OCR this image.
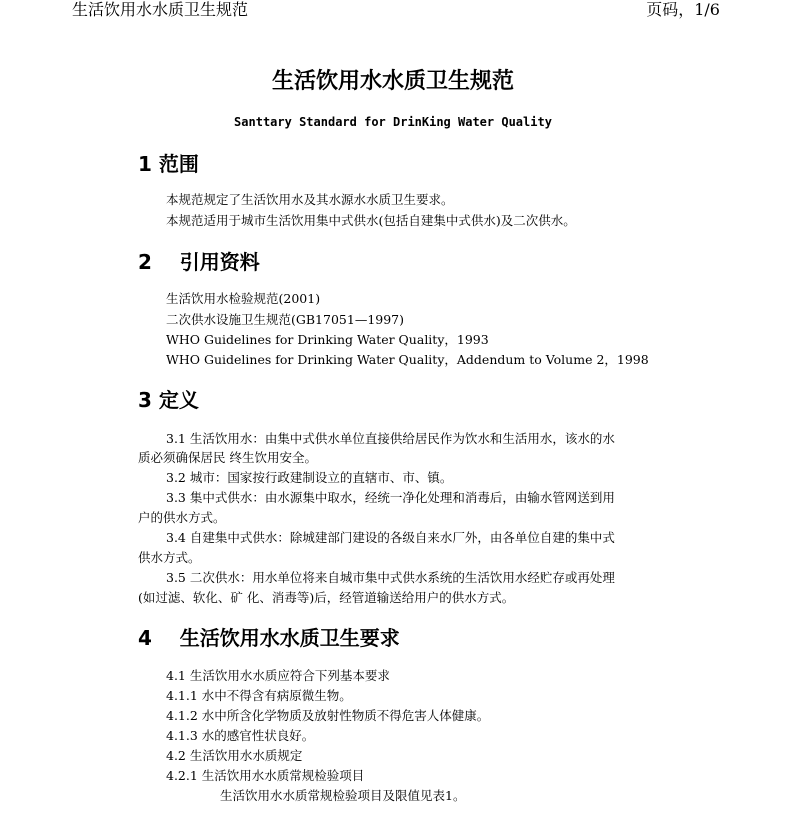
生活饮用水水质卫生规范	页码，1/6
生活饮用水水质卫生规范
Santtary Standard for DrinKing Water Quality
1 范围
本规范规定了生活饮用水及其水源水水质卫生要求。
本规范适用于城市生活饮用集中式供水(包括自建集中式供水)及二次供水。
2    引用资料
生活饮用水检验规范(2001)
二次供水设施卫生规范(GB17051—1997)
WHO Guidelines for Drinking Water Quality，1993
WHO Guidelines for Drinking Water Quality，Addendum to Volume 2，1998
3 定义
3.1 生活饮用水：由集中式供水单位直接供给居民作为饮水和生活用水，该水的水
质必须确保居民 终生饮用安全。
3.2 城市：国家按行政建制设立的直辖市、市、镇。
3.3 集中式供水：由水源集中取水，经统一净化处理和消毒后，由输水管网送到用
户的供水方式。
3.4 自建集中式供水：除城建部门建设的各级自来水厂外，由各单位自建的集中式
供水方式。
3.5 二次供水：用水单位将来自城市集中式供水系统的生活饮用水经贮存或再处理
(如过滤、软化、矿 化、消毒等)后，经管道输送给用户的供水方式。
4    生活饮用水水质卫生要求
4.1 生活饮用水水质应符合下列基本要求
4.1.1 水中不得含有病原微生物。
4.1.2 水中所含化学物质及放射性物质不得危害人体健康。
4.1.3 水的感官性状良好。
4.2 生活饮用水水质规定
4.2.1 生活饮用水水质常规检验项目
生活饮用水水质常规检验项目及限值见表1。
